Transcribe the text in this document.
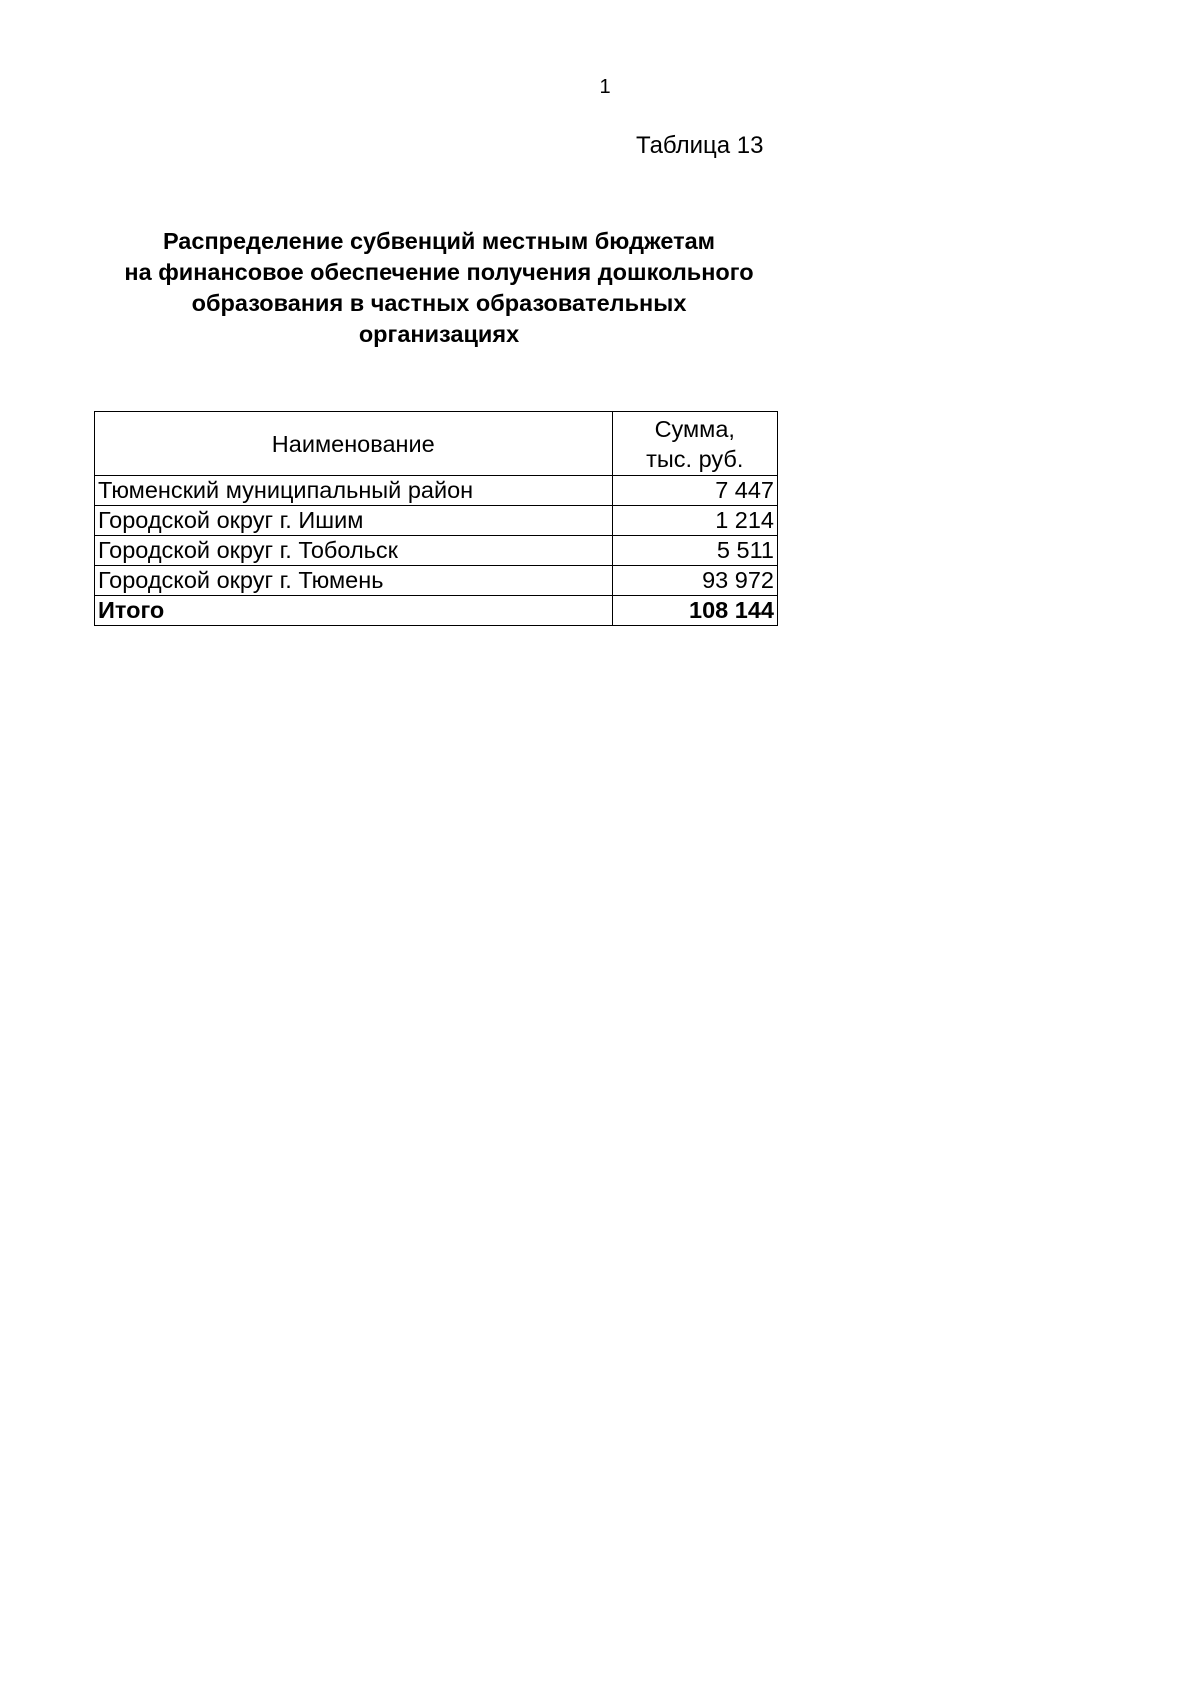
1
Таблица 13
Распределение субвенций местным бюджетам
на финансовое обеспечение получения дошкольного
образования в частных образовательных
организациях
Наименование	Сумма,
тыс. руб.

Тюменский муниципальный район	7 447
Городской округ г. Ишим	1 214
Городской округ г. Тобольск	5 511
Городской округ г. Тюмень	93 972
Итого	108 144
